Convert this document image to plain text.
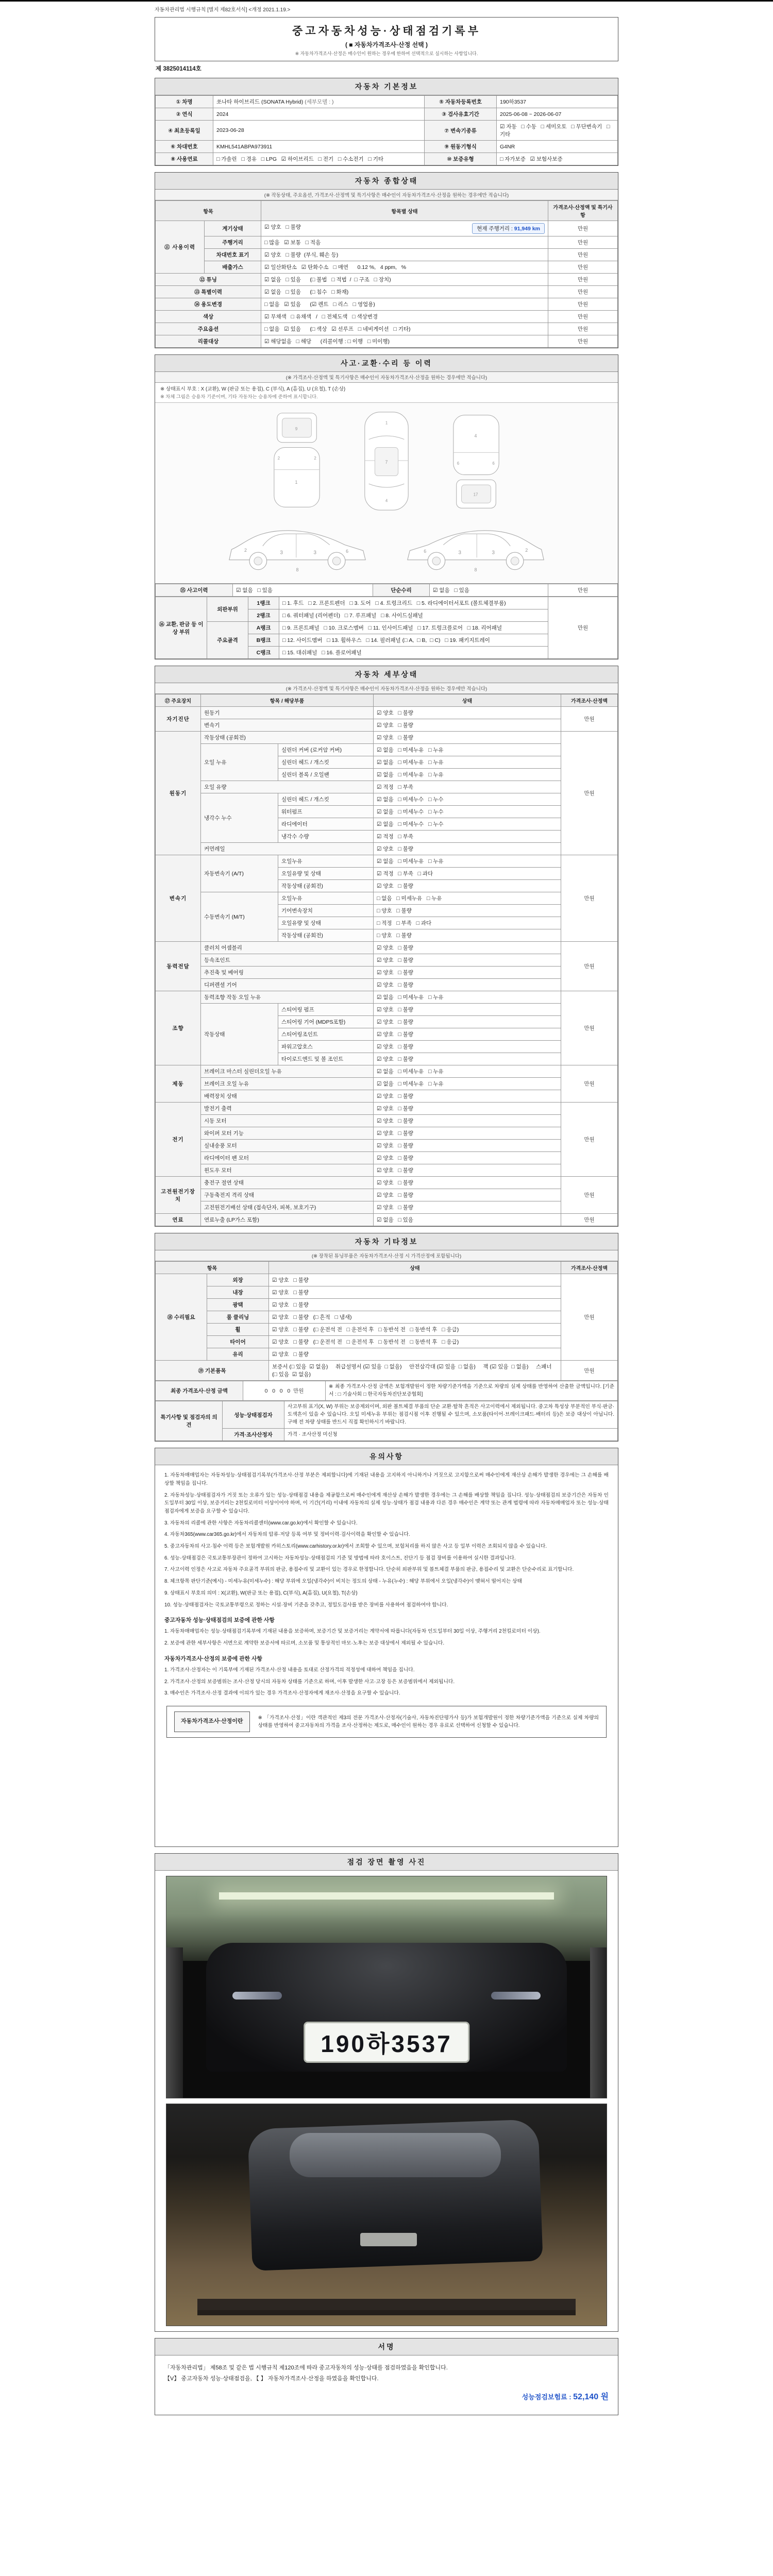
자동차관리법 시행규칙 [별지 제82호서식] <개정 2021.1.19.>
중고자동차성능·상태점검기록부
( ■ 자동차가격조사·산정 선택 )
※ 자동차가격조사·산정은 매수인이 원하는 경우에 한하여 선택적으로 실시하는 사항입니다.
제 3825014114호
자동차 기본정보
① 차명	쏘나타 하이브리드 (SONATA Hybrid) (세부모델 : )	⑤ 자동차등록번호	190하3537
② 연식	2024	③ 검사유효기간	2025-06-08 ~ 2026-06-07
④ 최초등록일	2023-06-28	⑦ 변속기종류	☑ 자동   □ 수동   □ 세미오토   □ 무단변속기   □ 기타
⑥ 차대번호	KMHL541ABPA973911	⑨ 원동기형식	G4NR
⑧ 사용연료	□ 가솔린   □ 경유   □ LPG   ☑ 하이브리드   □ 전기   □ 수소전기   □ 기타	⑩ 보증유형	□ 자가보증   ☑ 보험사보증
자동차 종합상태
(※ 작동상태, 주요옵션, 가격조사·산정액 및 특기사항은 매수인이 자동차가격조사·산정을 원하는 경우에만 적습니다)
항목		항목별 상태	가격조사·산정액 및 특기사항
⑪ 사용이력	계기상태	☑ 양호   □ 불량 현재 주행거리 : 91,949 km	만원
	주행거리	□ 많음   ☑ 보통   □ 적음	만원
	차대번호 표기	☑ 양호   □ 불량  (부식, 훼손 등)	만원
	배출가스	☑ 일산화탄소   ☑ 탄화수소   □ 매연      0.12 %,   4 ppm,   %	만원
⑫ 튜닝		☑ 없음   □ 있음      (□ 불법   □ 적법  /  □ 구조   □ 장치)	만원
⑬ 특별이력		☑ 없음   □ 있음      (□ 침수   □ 화재)	만원
⑭ 용도변경		□ 없음   ☑ 있음      (☑ 렌트   □ 리스   □ 영업용)	만원
색상		☑ 무채색   □ 유채색   /   □ 전체도색   □ 색상변경	만원
주요옵션		□ 없음   ☑ 있음      (□ 색상   ☑ 선루프   □ 네비게이션   □ 기타)	만원
리콜대상		☑ 해당없음   □ 해당      (리콜이행 : □ 이행   □ 미이행)	만원
사고·교환·수리 등 이력
(※ 가격조사·산정액 및 특기사항은 매수인이 자동차가격조사·산정을 원하는 경우에만 적습니다)
※ 상태표시 부호 : X (교환), W (판금 또는 용접), C (부식), A (흠집), U (요철), T (손상)
※ 차체 그림은 승용차 기준이며, 기타 자동차는 승용차에 준하여 표시합니다.
1
2	2
9
7
1
4
4
6	6
17
3	3
2	6
8
3	3	2
6
8
⑮ 사고이력	☑ 없음   □ 있음	단순수리	☑ 없음   □ 있음	만원
⑯ 교환, 판금 등 이상 부위	외판부위	1랭크	□ 1. 후드   □ 2. 프론트펜더   □ 3. 도어   □ 4. 트렁크리드   □ 5. 라디에이터서포트 (볼트체결부품)	만원
		2랭크	□ 6. 쿼터패널 (리어펜더)   □ 7. 루프패널   □ 8. 사이드실패널	
	주요골격	A랭크	□ 9. 프론트패널   □ 10. 크로스멤버   □ 11. 인사이드패널   □ 17. 트렁크플로어   □ 18. 리어패널	
		B랭크	□ 12. 사이드멤버   □ 13. 휠하우스   □ 14. 필러패널 (□ A,  □ B,  □ C)   □ 19. 패키지트레이	
		C랭크	□ 15. 대쉬패널   □ 16. 플로어패널	
자동차 세부상태
(※ 가격조사·산정액 및 특기사항은 매수인이 자동차가격조사·산정을 원하는 경우에만 적습니다)
⑰ 주요장치	항목 / 해당부품		상태	가격조사·산정액
자기진단	원동기		☑ 양호   □ 불량	만원
	변속기		☑ 양호   □ 불량	
원동기	작동상태 (공회전)		☑ 양호   □ 불량	만원
	오일 누유	실린더 커버 (로커암 커버)	☑ 없음   □ 미세누유   □ 누유	
		실린더 헤드 / 개스킷	☑ 없음   □ 미세누유   □ 누유	
		실린더 블록 / 오일팬	☑ 없음   □ 미세누유   □ 누유	
	오일 유량		☑ 적정   □ 부족	
	냉각수 누수	실린더 헤드 / 개스킷	☑ 없음   □ 미세누수   □ 누수	
		워터펌프	☑ 없음   □ 미세누수   □ 누수	
		라디에이터	☑ 없음   □ 미세누수   □ 누수	
		냉각수 수량	☑ 적정   □ 부족	
	커먼레일		☑ 양호   □ 불량	
변속기	자동변속기 (A/T)	오일누유	☑ 없음   □ 미세누유   □ 누유	만원
		오일유량 및 상태	☑ 적정   □ 부족   □ 과다	
		작동상태 (공회전)	☑ 양호   □ 불량	
	수동변속기 (M/T)	오일누유	□ 없음   □ 미세누유   □ 누유	
		기어변속장치	□ 양호   □ 불량	
		오일유량 및 상태	□ 적정   □ 부족   □ 과다	
		작동상태 (공회전)	□ 양호   □ 불량	
동력전달	클러치 어셈블리		☑ 양호   □ 불량	만원
	등속조인트		☑ 양호   □ 불량	
	추진축 및 베어링		☑ 양호   □ 불량	
	디퍼렌셜 기어		☑ 양호   □ 불량	
조향	동력조향 작동 오일 누유		☑ 없음   □ 미세누유   □ 누유	만원
	작동상태	스티어링 펌프	☑ 양호   □ 불량	
		스티어링 기어 (MDPS포함)	☑ 양호   □ 불량	
		스티어링조인트	☑ 양호   □ 불량	
		파워고압호스	☑ 양호   □ 불량	
		타이로드엔드 및 볼 조인트	☑ 양호   □ 불량	
제동	브레이크 마스터 실린더오일 누유		☑ 없음   □ 미세누유   □ 누유	만원
	브레이크 오일 누유		☑ 없음   □ 미세누유   □ 누유	
	배력장치 상태		☑ 양호   □ 불량	
전기	발전기 출력		☑ 양호   □ 불량	만원
	시동 모터		☑ 양호   □ 불량	
	와이퍼 모터 기능		☑ 양호   □ 불량	
	실내송풍 모터		☑ 양호   □ 불량	
	라디에이터 팬 모터		☑ 양호   □ 불량	
	윈도우 모터		☑ 양호   □ 불량	
고전원전기장치	충전구 절연 상태		☑ 양호   □ 불량	만원
	구동축전지 격리 상태		☑ 양호   □ 불량	
	고전원전기배선 상태 (접속단자, 피복, 보호기구)		☑ 양호   □ 불량	
연료	연료누출 (LP가스 포함)		☑ 없음   □ 있음	만원
자동차 기타정보
(※ 장착된 튜닝부품은 자동차가격조사·산정 시 가격산정에 포함됩니다)
항목		상태	가격조사·산정액
⑱ 수리필요	외장	☑ 양호   □ 불량	만원
	내장	☑ 양호   □ 불량	
	광택	☑ 양호   □ 불량	
	룸 클리닝	☑ 양호   □ 불량   (□ 흔적   □ 냄새)	
	휠	☑ 양호   □ 불량   (□ 운전석 전   □ 운전석 후   □ 동반석 전   □ 동반석 후   □ 응급)	
	타이어	☑ 양호   □ 불량   (□ 운전석 전   □ 운전석 후   □ 동반석 전   □ 동반석 후   □ 응급)	
	유리	☑ 양호   □ 불량	
⑲ 기본품목		보증서 (□ 있음  ☑ 없음)     취급설명서 (☑ 있음  □ 없음)     안전삼각대 (☑ 있음  □ 없음)     잭 (☑ 있음  □ 없음)     스패너 (□ 있음  ☑ 없음)	만원
최종 가격조사·산정 금액	0   0   0   0 만원	※ 최종 가격조사·산정 금액은 보험개발원이 정한 차량기준가액을 기준으로 차량의 실제 상태를 반영하여 산출한 금액입니다. [기준서 : □ 기술사회 □ 한국자동차진단보증협회]
특기사항 및 점검자의 의견	성능·상태점검자	사고부위 표기(X, W) 부위는 보증제외이며, 외판 볼트체결 부품의 단순 교환·탈착 흔적은 사고이력에서 제외됩니다. 중고차 특성상 부분적인 부식·판금·도색흔이 있을 수 있습니다. 오일 미세누유 부위는 점검시점 이후 진행될 수 있으며, 소모품(타이어·브레이크패드·배터리 등)은 보증 대상이 아닙니다. 구매 전 차량 상태를 반드시 직접 확인하시기 바랍니다.
	가격·조사산정자	가격 · 조사산정 미신청
유의사항
1. 자동차매매업자는 자동차성능·상태점검기록부(가격조사·산정 부분은 제외합니다)에 기재된 내용을 고지하지 아니하거나 거짓으로 고지함으로써 매수인에게 재산상 손해가 발생한 경우에는 그 손해를 배상할 책임을 집니다.
2. 자동차성능·상태점검자가 거짓 또는 오류가 있는 성능·상태점검 내용을 제공함으로써 매수인에게 재산상 손해가 발생한 경우에는 그 손해를 배상할 책임을 집니다. 성능·상태점검의 보증기간은 자동차 인도일부터 30일 이상, 보증거리는 2천킬로미터 이상이어야 하며, 이 기간(거리) 이내에 자동차의 실제 성능·상태가 점검 내용과 다른 경우 매수인은 계약 또는 관계 법령에 따라 자동차매매업자 또는 성능·상태점검자에게 보증을 요구할 수 있습니다.
3. 자동차의 리콜에 관한 사항은 자동차리콜센터(www.car.go.kr)에서 확인할 수 있습니다.
4. 자동차365(www.car365.go.kr)에서 자동차의 압류·저당 등록 여부 및 정비이력·검사이력을 확인할 수 있습니다.
5. 중고자동차의 사고·침수 이력 등은 보험개발원 카히스토리(www.carhistory.or.kr)에서 조회할 수 있으며, 보험처리를 하지 않은 사고 등 일부 이력은 조회되지 않을 수 있습니다.
6. 성능·상태점검은 국토교통부장관이 정하여 고시하는 자동차성능·상태점검의 기준 및 방법에 따라 호이스트, 진단기 등 점검 장비를 이용하여 실시한 결과입니다.
7. 사고이력 인정은 사고로 자동차 주요골격 부위의 판금, 용접수리 및 교환이 있는 경우로 한정합니다. 단순히 외판부위 및 볼트체결 부품의 판금, 용접수리 및 교환은 단순수리로 표기합니다.
8. 체크항목 판단기준(예시) - 미세누유(미세누수) : 해당 부위에 오일(냉각수)이 비치는 정도의 상태 - 누유(누수) : 해당 부위에서 오일(냉각수)이 맺혀서 떨어지는 상태
9. 상태표시 부호의 의미 : X(교환), W(판금 또는 용접), C(부식), A(흠집), U(요철), T(손상)
10. 성능·상태점검자는 국토교통부령으로 정하는 시설·장비 기준을 갖추고, 정밀도검사를 받은 장비를 사용하여 점검하여야 합니다.
중고자동차 성능·상태점검의 보증에 관한 사항
1. 자동차매매업자는 성능·상태점검기록부에 기재된 내용을 보증하며, 보증기간 및 보증거리는 계약서에 따릅니다(자동차 인도일부터 30일 이상, 주행거리 2천킬로미터 이상).
2. 보증에 관한 세부사항은 서면으로 계약한 보증서에 따르며, 소모품 및 통상적인 마모·노후는 보증 대상에서 제외될 수 있습니다.
자동차가격조사·산정의 보증에 관한 사항
1. 가격조사·산정자는 이 기록부에 기재된 가격조사·산정 내용을 토대로 산정가격의 적정성에 대하여 책임을 집니다.
2. 가격조사·산정의 보증범위는 조사·산정 당시의 자동차 상태를 기준으로 하며, 이후 발생한 사고·고장 등은 보증범위에서 제외됩니다.
3. 매수인은 가격조사·산정 결과에 이의가 있는 경우 가격조사·산정자에게 재조사·산정을 요구할 수 있습니다.
자동차가격조사·산정이란
※ 「가격조사·산정」이란 객관적인 제3의 전문 가격조사·산정자(기술사, 자동차진단평가사 등)가 보험개발원이 정한 차량기준가액을 기준으로 실제 차량의 상태를 반영하여 중고자동차의 가격을 조사·산정하는 제도로, 매수인이 원하는 경우 유료로 선택하여 신청할 수 있습니다.
점검 장면 촬영 사진
190하3537
서명

「자동차관리법」 제58조 및 같은 법 시행규칙 제120조에 따라 중고자동차의 성능·상태를 점검하였음을 확인합니다.

【V】 중고자동차 성능·상태점검을, 【 】 자동차가격조사·산정을 하였음을 확인합니다.

성능점검보험료 : 52,140 원
